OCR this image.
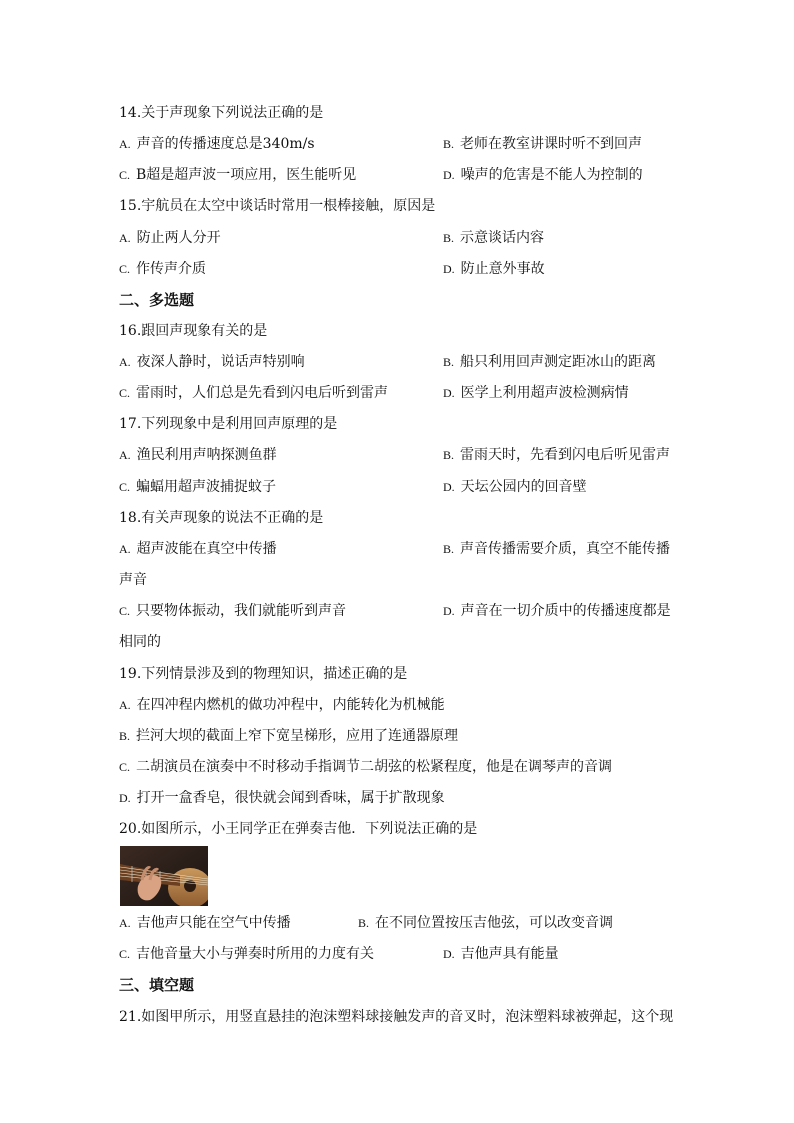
14.关于声现象下列说法正确的是
A. 声音的传播速度总是340m/s	B. 老师在教室讲课时听不到回声
C. B超是超声波一项应用，医生能听见	D. 噪声的危害是不能人为控制的
15.宇航员在太空中谈话时常用一根棒接触，原因是
A. 防止两人分开	B. 示意谈话内容
C. 作传声介质	D. 防止意外事故
二、多选题
16.跟回声现象有关的是
A. 夜深人静时，说话声特别响	B. 船只利用回声测定距冰山的距离
C. 雷雨时，人们总是先看到闪电后听到雷声	D. 医学上利用超声波检测病情
17.下列现象中是利用回声原理的是
A. 渔民利用声呐探测鱼群	B. 雷雨天时，先看到闪电后听见雷声
C. 蝙蝠用超声波捕捉蚊子	D. 天坛公园内的回音壁
18.有关声现象的说法不正确的是
A. 超声波能在真空中传播	B. 声音传播需要介质，真空不能传播
声音
C. 只要物体振动，我们就能听到声音	D. 声音在一切介质中的传播速度都是
相同的
19.下列情景涉及到的物理知识，描述正确的是
A. 在四冲程内燃机的做功冲程中，内能转化为机械能
B. 拦河大坝的截面上窄下宽呈梯形，应用了连通器原理
C. 二胡演员在演奏中不时移动手指调节二胡弦的松紧程度，他是在调琴声的音调
D. 打开一盒香皂，很快就会闻到香味，属于扩散现象
20.如图所示，小王同学正在弹奏吉他．下列说法正确的是
A. 吉他声只能在空气中传播	B. 在不同位置按压吉他弦，可以改变音调
C. 吉他音量大小与弹奏时所用的力度有关	D. 吉他声具有能量
三、填空题
21.如图甲所示，用竖直悬挂的泡沫塑料球接触发声的音叉时，泡沫塑料球被弹起，这个现
